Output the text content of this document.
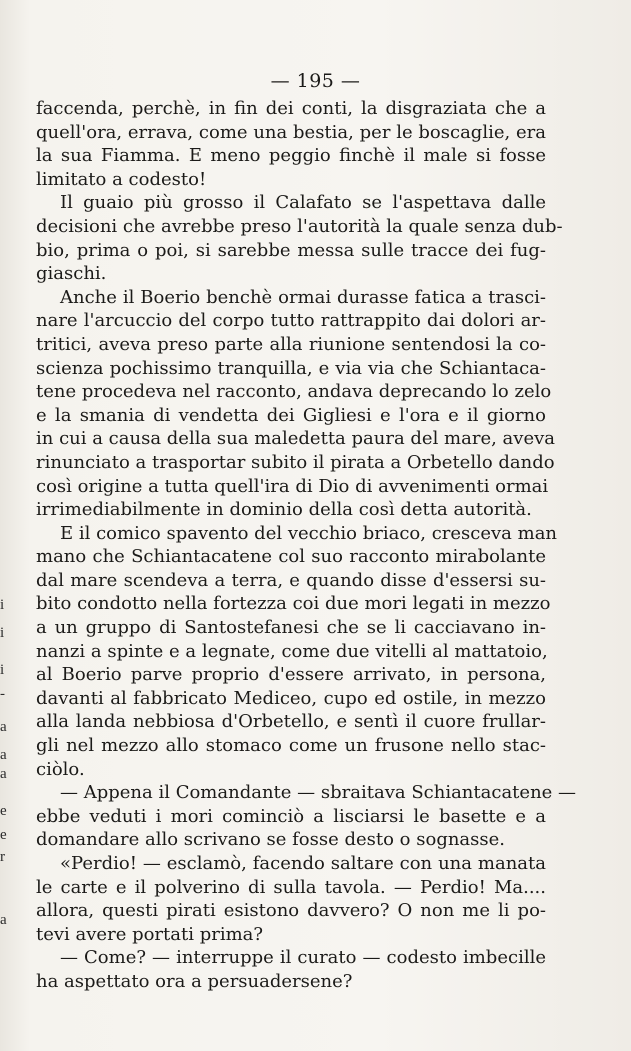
i
i
i
-
a
a
a
e
e
r
a
— 195 —
faccenda, perchè, in fin dei conti, la disgraziata che a
quell'ora, errava, come una bestia, per le boscaglie, era
la sua Fiamma. E meno peggio finchè il male si fosse
limitato a codesto!
Il guaio più grosso il Calafato se l'aspettava dalle
decisioni che avrebbe preso l'autorità la quale senza dub-
bio, prima o poi, si sarebbe messa sulle tracce dei fug-
giaschi.
Anche il Boerio benchè ormai durasse fatica a trasci-
nare l'arcuccio del corpo tutto rattrappito dai dolori ar-
tritici, aveva preso parte alla riunione sentendosi la co-
scienza pochissimo tranquilla, e via via che Schiantaca-
tene procedeva nel racconto, andava deprecando lo zelo
e la smania di vendetta dei Gigliesi e l'ora e il giorno
in cui a causa della sua maledetta paura del mare, aveva
rinunciato a trasportar subito il pirata a Orbetello dando
così origine a tutta quell'ira di Dio di avvenimenti ormai
irrimediabilmente in dominio della così detta autorità.
E il comico spavento del vecchio briaco, cresceva man
mano che Schiantacatene col suo racconto mirabolante
dal mare scendeva a terra, e quando disse d'essersi su-
bito condotto nella fortezza coi due mori legati in mezzo
a un gruppo di Santostefanesi che se li cacciavano in-
nanzi a spinte e a legnate, come due vitelli al mattatoio,
al Boerio parve proprio d'essere arrivato, in persona,
davanti al fabbricato Mediceo, cupo ed ostile, in mezzo
alla landa nebbiosa d'Orbetello, e sentì il cuore frullar-
gli nel mezzo allo stomaco come un frusone nello stac-
ciòlo.
— Appena il Comandante — sbraitava Schiantacatene —
ebbe veduti i mori cominciò a lisciarsi le basette e a
domandare allo scrivano se fosse desto o sognasse.
«Perdio! — esclamò, facendo saltare con una manata
le carte e il polverino di sulla tavola. — Perdio! Ma....
allora, questi pirati esistono davvero? O non me li po-
tevi avere portati prima?
— Come? — interruppe il curato — codesto imbecille
ha aspettato ora a persuadersene?
